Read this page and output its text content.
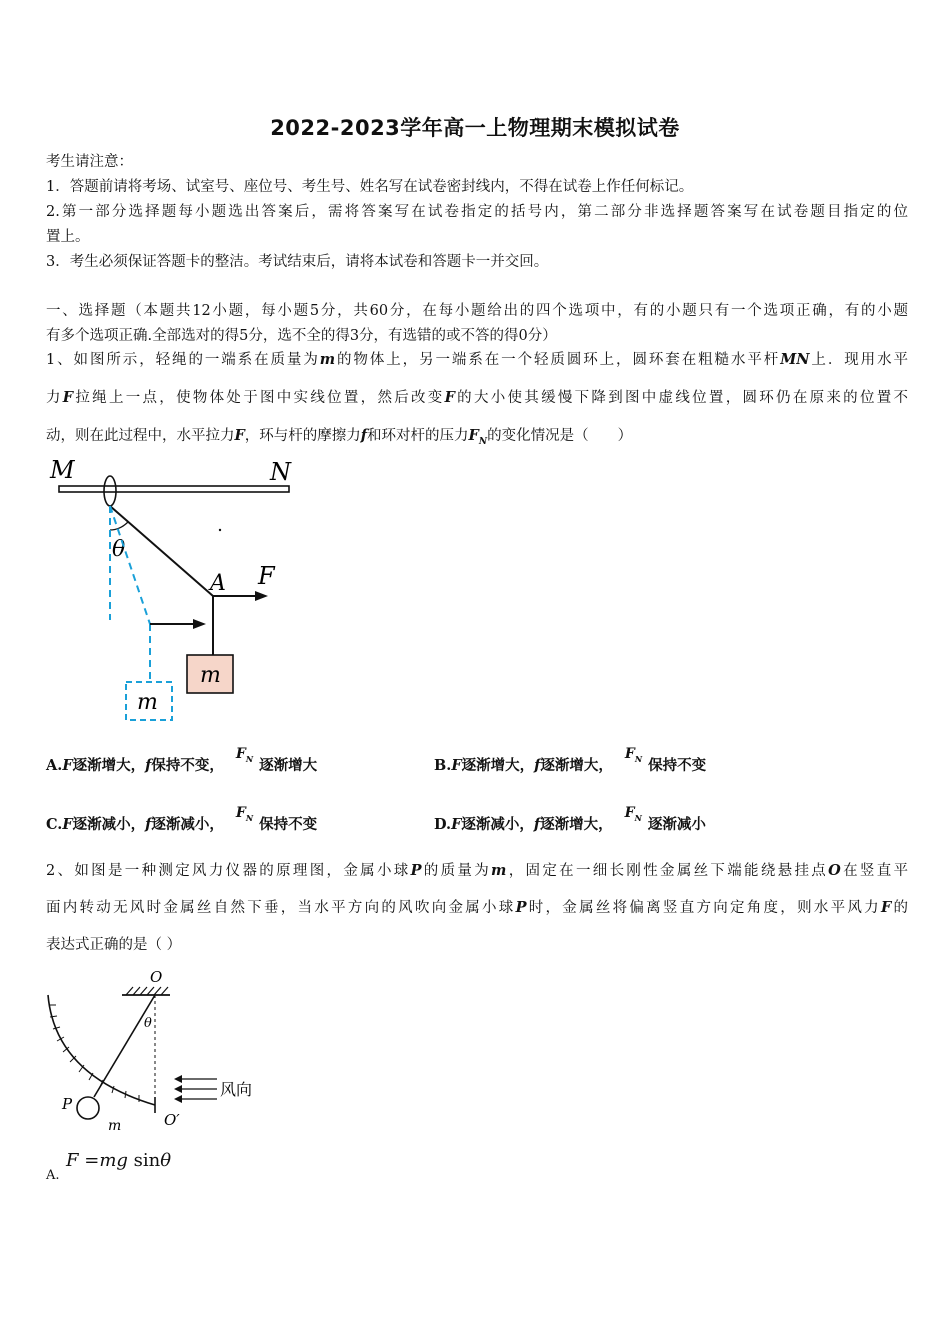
2022-2023学年高一上物理期末模拟试卷
考生请注意：
1．答题前请将考场、试室号、座位号、考生号、姓名写在试卷密封线内，不得在试卷上作任何标记。
2.第一部分选择题每小题选出答案后，需将答案写在试卷指定的括号内，第二部分非选择题答案写在试卷题目指定的位
置上。
3．考生必须保证答题卡的整洁。考试结束后，请将本试卷和答题卡一并交回。
一、选择题（本题共12小题，每小题5分，共60分，在每小题给出的四个选项中，有的小题只有一个选项正确，有的小题
有多个选项正确.全部选对的得5分，选不全的得3分，有选错的或不答的得0分）
1、如图所示，轻绳的一端系在质量为m的物体上，另一端系在一个轻质圆环上，圆环套在粗糙水平杆MN上．现用水平
力F拉绳上一点，使物体处于图中实线位置，然后改变F的大小使其缓慢下降到图中虚线位置，圆环仍在原来的位置不
动，则在此过程中，水平拉力F，环与杆的摩擦力f和环对杆的压力$F_N$的变化情况是（　　）
M	N
θ
A F
m
m
A.F逐渐增大，f保持不变，$F_N$ 逐渐增大	B.F逐渐增大，f逐渐增大，$F_N$ 保持不变
C.F逐渐减小，f逐渐减小，$F_N$ 保持不变	D.F逐渐减小，f逐渐增大，$F_N$ 逐渐减小
2、如图是一种测定风力仪器的原理图，金属小球P的质量为m，固定在一细长刚性金属丝下端能绕悬挂点O在竖直平
面内转动无风时金属丝自然下垂，当水平方向的风吹向金属小球P时，金属丝将偏离竖直方向定角度，则水平风力F的
表达式正确的是（ ）
O
θ
P
m	O′
风向
F =mg sinθ
A.
